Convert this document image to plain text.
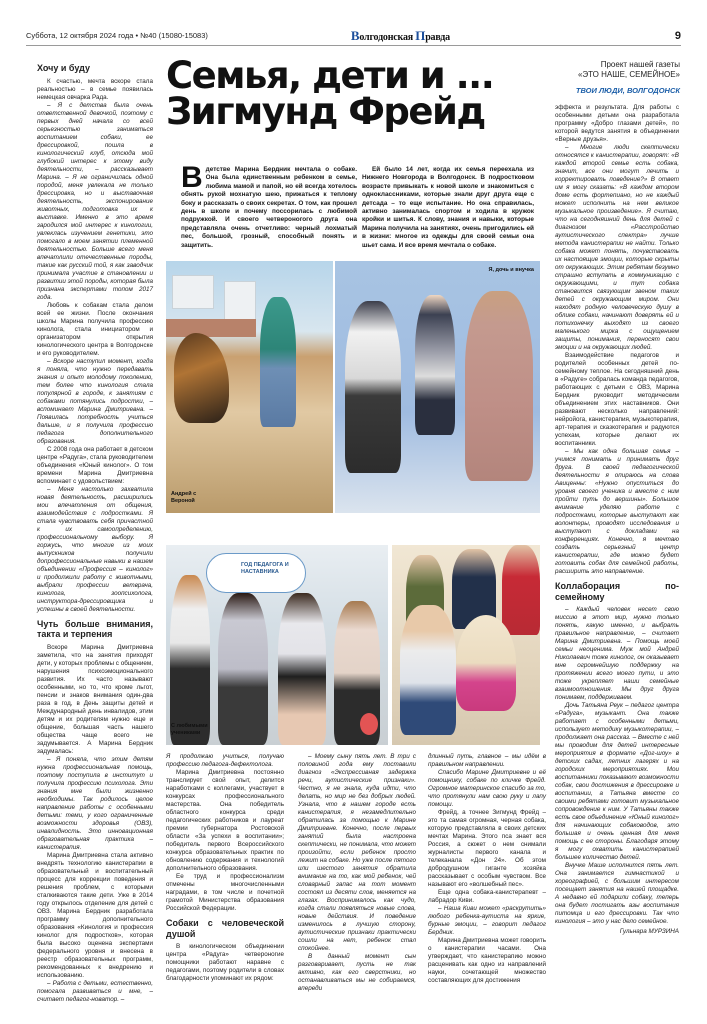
Суббота, 12 октября 2024 года • №40 (15080-15083)	Волгодонская Правда	9
Семья, дети и ...
Зигмунд Фрейд
Проект нашей газеты
«ЭТО НАШЕ, СЕМЕЙНОЕ»
ТВОИ ЛЮДИ, ВОЛГОДОНСК
В детстве Марина Бердник мечтала о собаке. Она была единственным ребенком в семье, любима мамой и папой, но ей всегда хотелось обнять рукой мохнатую шею, прижаться к теплому боку и рассказать о своих секретах. О том, как прошел день в школе и почему поссорилась с любимой подружкой. И своего четвероногого друга она представляла очень отчетливо: черный лохматый пес, большой, грозный, способный понять и защитить.

Ей было 14 лет, когда их семья переехала из Нижнего Новгорода в Волгодонск. В подростковом возрасте привыкать к новой школе и знакомиться с одноклассниками, которые знали друг друга еще с детсада – то еще испытание. Но она справилась, активно занималась спортом и ходила в кружок кройки и шитья. К слову, знания и навыки, которые Марина получила на занятиях, очень пригодились ей в жизни: многое из одежды для своей семьи она шьет сама. И все время мечтала о собаке.

Андрей с Вероной
Я, дочь и внучка
ГОД ПЕДАГОГА И НАСТАВНИКА
С любимыми учениками
Хочу и буду

К счастью, мечта вскоре стала реальностью – в семье появилась немецкая овчарка Рада.

– Я с детства была очень ответственной девочкой, поэтому с первых дней начала со всей серьезностью заниматься воспитанием собаки, ее дрессировкой, пошла в кинологический клуб, отсюда мой глубокий интерес к этому виду деятельности, – рассказывает Марина. – Я не ограничилась одной породой, меня увлекала не только дрессировка, но и выставочная деятельность, экспонирование животных, подготовка их к выставке. Именно в это время зародился мой интерес к кинологии, увлеклась изучением генетики, это помогало в моем занятии племенной деятельностью. Больше всего меня впечатлили отечественные породы, такие как русский той, я как заводчик принимала участие в становлении и развитии этой породы, которая была признана экспертами топом 2017 года.

Любовь к собакам стала делом всей ее жизни. После окончания школы Марина получила профессию кинолога, стала инициатором и организатором открытия кинологического центра в Волгодонске и его руководителем.

– Вскоре наступил момент, когда я поняла, что нужно передавать знания и опыт молодому поколению, тем более что кинология стала популярной в городе, к занятиям с собаками потянулись подростки, – вспоминает Марина Дмитриевна. – Появилась потребность учиться дальше, и я получила профессию педагога дополнительного образования.

С 2008 года она работает в детском центре «Радуга», стала руководителем объединения «Юный кинолог». О том времени Марина Дмитриевна вспоминает с удовольствием:

– Меня настолько захватила новая деятельность, расширились мои впечатления от общения, взаимодействия с подростками. Я стала чувствовать себя причастной к их самоопределению, профессиональному выбору. Я горжусь, что многие из моих выпускников получили допрофессиональные навыки в нашем объединении «Профессия – кинолог» и продолжили работу с животными, выбрали профессии ветврача, кинолога, зоопсихолога, инструктора-дрессировщика и успешны в своей деятельности.

Чуть больше внимания, такта и терпения

Вскоре Марина Дмитриевна заметила, что на занятия приходят дети, у которых проблемы с общением, нарушения психоэмоционального развития. Их часто называют особенными, но то, что кроме льгот, пенсии и знаков внимания один-два раза в год, в День защиты детей и Международный день инвалидов, этим детям и их родителям нужно еще и общение, большая часть нашего общества чаще всего не задумывается. А Марина Бердник задумалась:

– Я поняла, что этим детям нужна профессиональная помощь, поэтому поступила в институт и получила профессию психолога. Эти знания мне были жизненно необходимы. Так родилось целое направление работы с особенными детьми: теми, у кого ограниченные возможности здоровья (ОВЗ), инвалидность. Это инновационная образовательная практика – канистерапия.

Марина Дмитриевна стала активно внедрять технологию канистерапии в образовательный и воспитательный процесс для коррекции поведения и решения проблем, с которыми сталкиваются такие дети. Уже в 2014 году открылось отделение для детей с ОВЗ. Марина Бердник разработала программу дополнительного образования «Кинология и профессия кинолог для подростков», которая была высоко оценена экспертами федерального уровня и внесена в реестр образовательных программ, рекомендованных к внедрению и использованию.

– Работа с детьми, естественно, помогала развиваться и мне, – считает педагог-новатор. –

Я продолжаю учиться, получаю профессию педагога-дефектолога.

Марина Дмитриевна постоянно транслирует свой опыт, делится наработками с коллегами, участвует в конкурсах профессионального мастерства. Она победитель областного конкурса среди педагогических работников и лауреат премии губернатора Ростовской области «За успехи в воспитании»; победитель первого Всероссийского конкурса образовательных практик по обновлению содержания и технологий дополнительного образования.

Ее труд и профессионализм отмечены многочисленными наградами, в том числе и почетной грамотой Министерства образования Российской Федерации.

Собаки с человеческой душой

В кинологическом объединении центра «Радуга» четвероногие помощники работают наравне с педагогами, поэтому родители в словах благодарности упоминают их рядом:

– Моему сыну пять лет. В три с половиной года ему поставили диагноз «Экспрессивная задержка речи, аутистические признаки». Честно, я не знала, куда идти, что делать, но мир не без добрых людей. Узнала, что в нашем городе есть канистерапия, я незамедлительно обратилась за помощью к Марине Дмитриевне. Конечно, после первых занятий была настроена скептически, не понимала, что может произойти, если ребенок просто лежит на собаке. Но уже после пятого или шестого занятия обратила внимание на то, как мой ребенок, чей словарный запас на тот момент состоял из десяти слов, меняется на глазах. Воспринималось как чудо, когда стали появляться новые слова, новые действия. И поведение изменилось в лучшую сторону, аутистические признаки практически сошли на нет, ребенок стал спокойнее.

В данный момент сын разговаривает, пусть не так активно, как его сверстники, но останавливаться мы не собираемся, впереди

длинный путь, главное – мы идём в правильном направлении.

Спасибо Марине Дмитриевне и её помощнику, собаке по кличке Фрейд. Огромное материнское спасибо за то, что протянули нам свою руку и лапу помощи.

Фрейд, а точнее Зигмунд Фрейд – это та самая огромная, черная собака, которую представляла в своих детских мечтах Марина. Этого пса знает вся Россия, а сюжет о нем снимали журналисты первого канала и телеканала «Дон 24». Об этом добродушном гиганте хозяйка рассказывает с особым чувством. Все называют его «волшебный пес».

Еще одна собака-канистерапевт – лабрадор Киви.

– Наша Киви может «раскрутить» любого ребенка-аутиста на яркие, бурные эмоции, – говорит педагог Бердник.

Марина Дмитриевна может говорить о канистерапии часами. Она утверждает, что канистерапию можно расценивать как одно из направлений науки, сочетающей множество составляющих для достижения

эффекта и результата. Для работы с особенными детьми она разработала программу «Добро глазами детей», по которой ведутся занятия в объединении «Верные друзья».

– Многие люди скептически относятся к канистерапии, говорят: «В каждой второй семье есть собака, значит, все они могут лечить и корректировать поведение?» В ответ им я могу сказать: «В каждом втором доме есть фортепиано, но не каждый может исполнить на нем великое музыкальное произведение». Я считаю, что на сегодняшний день для детей с диагнозом «Расстройство аутистического спектра» лучше метода канистерапии не найти. Только собака может понять, почувствовать их настоящие эмоции, которые скрыты от окружающих. Этим ребятам безумно страшно вступать в коммуникацию с окружающими, и тут собака становится связующим звеном таких детей с окружающим миром. Они находят родную человеческую душу в облике собаки, начинают доверять ей и потихонечку выходят из своего маленького мирка с ощущением защиты, понимания, переносят свои эмоции и на окружающих людей.

Взаимодействие педагогов и родителей особенных детей по-семейному теплое. На сегодняшний день в «Радуге» собралась команда педагогов, работающих с детьми с ОВЗ, Марина Бердник руководит методическим объединением этих наставников. Они развивают несколько направлений: нейройога, канистерапия, музыкотерапия, арт-терапия и сказкотерапия и радуются успехам, которые делают их воспитанники.

– Мы как одна большая семья – учимся понимать и принимать друг друга. В своей педагогической деятельности я опираюсь на слова Авиценны: «Нужно опуститься до уровня своего ученика и вместе с ним пройти путь до вершины». Большое внимание уделяю работе с подростками, которые выступают как волонтеры, проводят исследования и выступают с докладами на конференциях. Конечно, я мечтаю создать серьезный центр канистерапии, где можно будет готовить собак для семейной работы, расширить это направление.

Коллаборация по-семейному

– Каждый человек несет свою миссию в этот мир, нужно только понять, какую именно, и выбрать правильное направление, – считает Марина Дмитриевна. – Помощь моей семьи неоценима. Муж мой Андрей Николаевич тоже кинолог, он оказывает мне огромнейшую поддержку на протяжении всего моего пути, и это тоже укрепляет наши семейные взаимоотношения. Мы друг друга понимаем, поддерживаем.

Дочь Татьяна Реук – педагог центра «Радуга», музыкант. Она также работает с особенными детьми, использует методику музыкотерапии, – продолжает она рассказ. – Вместе с ней мы проводим для детей интересные мероприятия в формате «Дог-шоу» в детских садах, летних лагерях и на городских мероприятиях. Мои воспитанники показывают возможности собак, свои достижения в дрессировке и воспитании, а Татьяна вместе со своими ребятами готовит музыкальное сопровождение к ним. У Татьяны также есть свое объединение «Юный кинолог» для начинающих собаководов, это большая и очень ценная для меня помощь с ее стороны. Благодаря этому я могу охватить канистерапией большее количество детей.

Внучке Маше исполнится пять лет. Она занимается гимнастикой и хореографией, с большим интересом посещает занятия на нашей площадке. А недавно ей подарили собаку, теперь она будет постигать азы воспитания питомца и его дрессировки. Так что кинология – это у нас дело семейное.

Гульнара МУРЗИНА
